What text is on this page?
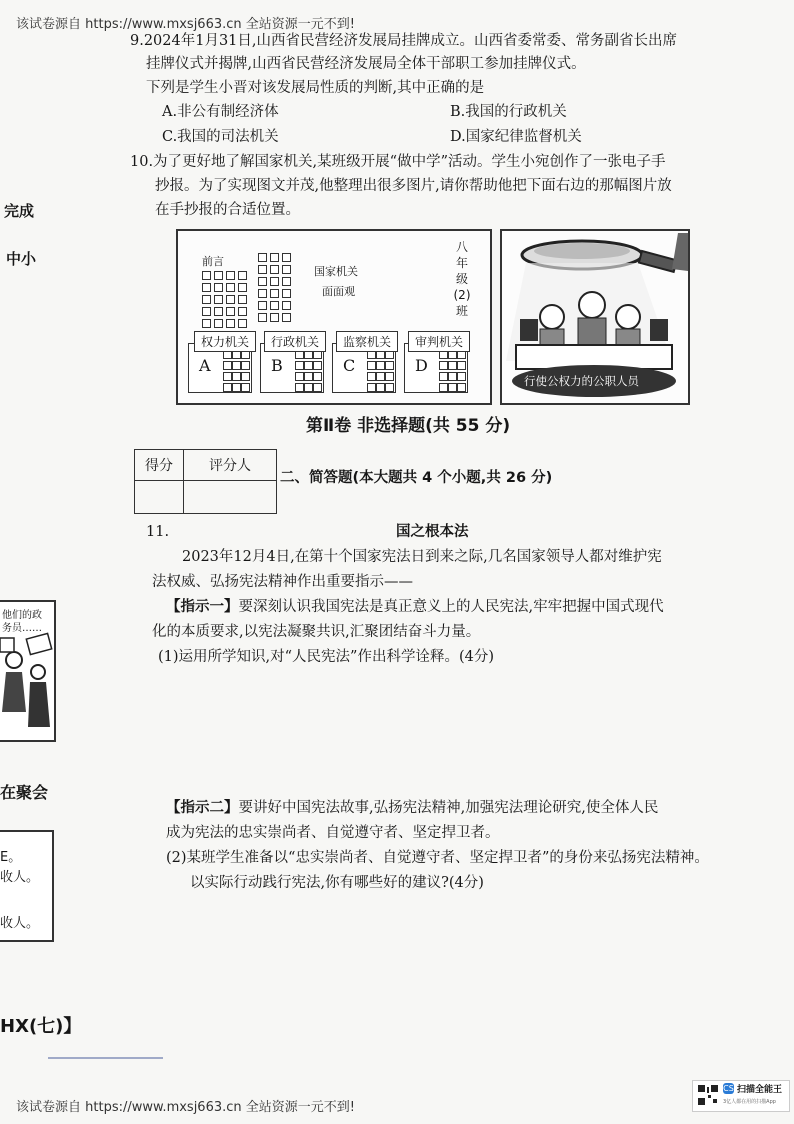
该试卷源自 https://www.mxsj663.cn 全站资源一元不到!
该试卷源自 https://www.mxsj663.cn 全站资源一元不到!
完成
中小
他们的政
务员……
在聚会
E。
收人。
收人。
HX(七)】
9.2024年1月31日,山西省民营经济发展局挂牌成立。山西省委常委、常务副省长出席
挂牌仪式并揭牌,山西省民营经济发展局全体干部职工参加挂牌仪式。
下列是学生小晋对该发展局性质的判断,其中正确的是
A.非公有制经济体	B.我国的行政机关
C.我国的司法机关	D.国家纪律监督机关
10.为了更好地了解国家机关,某班级开展“做中学”活动。学生小宛创作了一张电子手
抄报。为了实现图文并茂,他整理出很多图片,请你帮助他把下面右边的那幅图片放
在手抄报的合适位置。
前言
国家机关
面面观
八
年
级
(2)
班
A
权力机关
B
行政机关
C
监察机关
D
审判机关
行使公权力的公职人员
第Ⅱ卷 非选择题(共 55 分)
得分	评分人

二、简答题(本大题共 4 个小题,共 26 分)
11.	国之根本法
2023年12月4日,在第十个国家宪法日到来之际,几名国家领导人都对维护宪
法权威、弘扬宪法精神作出重要指示——
【指示一】要深刻认识我国宪法是真正意义上的人民宪法,牢牢把握中国式现代
化的本质要求,以宪法凝聚共识,汇聚团结奋斗力量。
(1)运用所学知识,对“人民宪法”作出科学诠释。(4分)
【指示二】要讲好中国宪法故事,弘扬宪法精神,加强宪法理论研究,使全体人民
成为宪法的忠实崇尚者、自觉遵守者、坚定捍卫者。
(2)某班学生准备以“忠实崇尚者、自觉遵守者、坚定捍卫者”的身份来弘扬宪法精神。
以实际行动践行宪法,你有哪些好的建议?(4分)
CS 扫描全能王
3亿人都在用的扫描App
